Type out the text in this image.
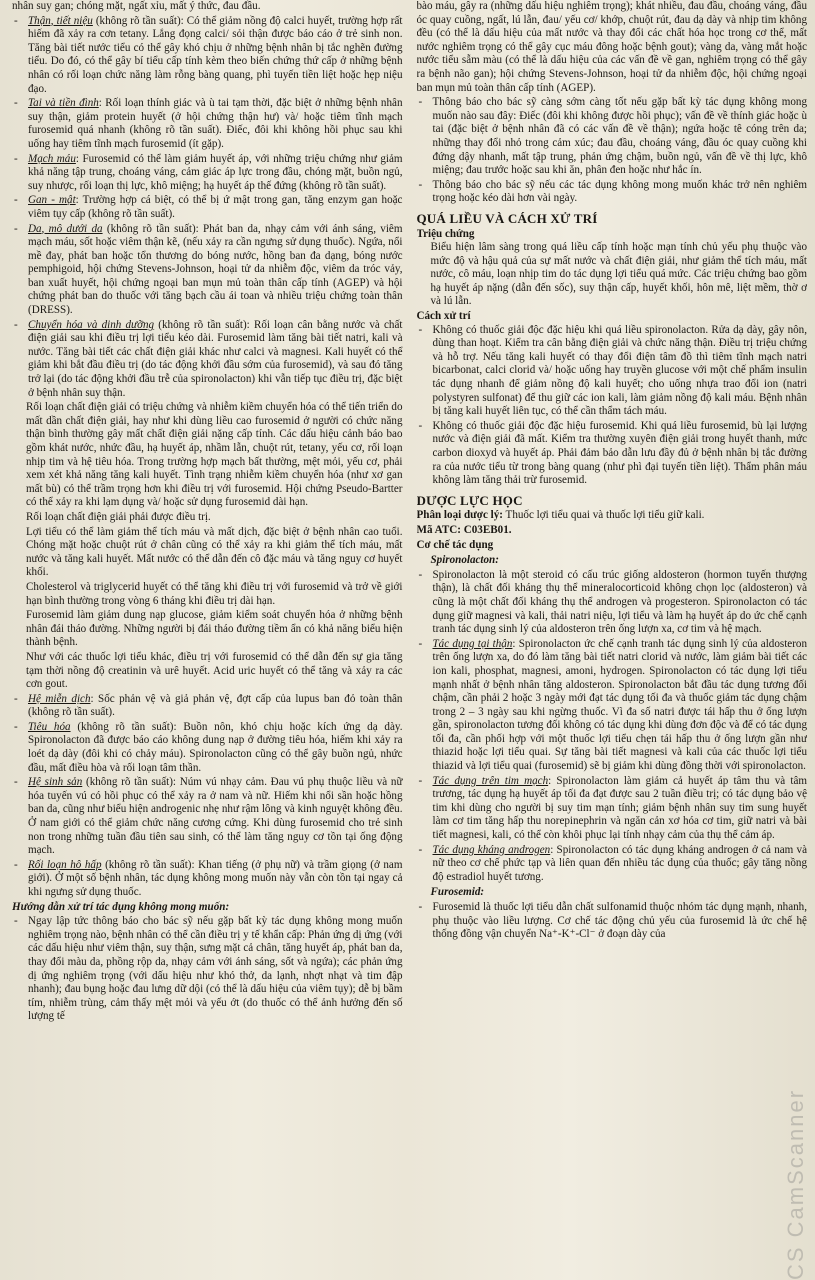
nhân suy gan; chóng mặt, ngất xỉu, mất ý thức, đau đầu.

- Thận, tiết niệu (không rõ tần suất): Có thể giảm nồng độ calci huyết, trường hợp rất hiếm đã xảy ra cơn tetany. Lắng đọng calci/ sỏi thận được báo cáo ở trẻ sinh non. Tăng bài tiết nước tiểu có thể gây khó chịu ở những bệnh nhân bị tắc nghẽn đường tiểu. Do đó, có thể gây bí tiểu cấp tính kèm theo biến chứng thứ cấp ở những bệnh nhân có rối loạn chức năng làm rỗng bàng quang, phì tuyến tiền liệt hoặc hẹp niệu đạo.
- Tai và tiền đình: Rối loạn thính giác và ù tai tạm thời, đặc biệt ở những bệnh nhân suy thận, giảm protein huyết (ở hội chứng thận hư) và/ hoặc tiêm tĩnh mạch furosemid quá nhanh (không rõ tần suất). Điếc, đôi khi không hồi phục sau khi uống hay tiêm tĩnh mạch furosemid (ít gặp).
- Mạch máu: Furosemid có thể làm giảm huyết áp, với những triệu chứng như giảm khả năng tập trung, choáng váng, cảm giác áp lực trong đầu, chóng mặt, buồn ngủ, suy nhược, rối loạn thị lực, khô miệng; hạ huyết áp thế đứng (không rõ tần suất).
- Gan - mật: Trường hợp cá biệt, có thể bị ứ mật trong gan, tăng enzym gan hoặc viêm tụy cấp (không rõ tần suất).
- Da, mô dưới da (không rõ tần suất): Phát ban da, nhạy cảm với ánh sáng, viêm mạch máu, sốt hoặc viêm thận kẽ, (nếu xảy ra cần ngưng sử dụng thuốc). Ngứa, nổi mề đay, phát ban hoặc tổn thương do bóng nước, hồng ban đa dạng, bóng nước pemphigoid, hội chứng Stevens-Johnson, hoại tử da nhiễm độc, viêm da tróc vảy, ban xuất huyết, hội chứng ngoại ban mụn mủ toàn thân cấp tính (AGEP) và hội chứng phát ban do thuốc với tăng bạch cầu ái toan và nhiều triệu chứng toàn thân (DRESS).
- Chuyển hóa và dinh dưỡng (không rõ tần suất): Rối loạn cân bằng nước và chất điện giải sau khi điều trị lợi tiểu kéo dài. Furosemid làm tăng bài tiết natri, kali và nước. Tăng bài tiết các chất điện giải khác như calci và magnesi. Kali huyết có thể giảm khi bắt đầu điều trị (do tác động khởi đầu sớm của furosemid), và sau đó tăng trở lại (do tác động khởi đầu trễ của spironolacton) khi vẫn tiếp tục điều trị, đặc biệt ở bệnh nhân suy thận.

Rối loạn chất điện giải có triệu chứng và nhiễm kiềm chuyển hóa có thể tiến triển do mất dần chất điện giải, hay như khi dùng liều cao furosemid ở người có chức năng thận bình thường gây mất chất điện giải nặng cấp tính. Các dấu hiệu cảnh báo bao gồm khát nước, nhức đầu, hạ huyết áp, nhầm lẫn, chuột rút, tetany, yếu cơ, rối loạn nhịp tim và hệ tiêu hóa. Trong trường hợp mạch bất thường, mệt mỏi, yếu cơ, phải xem xét khả năng tăng kali huyết. Tình trạng nhiễm kiềm chuyển hóa (như xơ gan mất bù) có thể trầm trọng hơn khi điều trị với furosemid. Hội chứng Pseudo-Bartter có thể xảy ra khi lạm dụng và/ hoặc sử dụng furosemid dài hạn.

Rối loạn chất điện giải phải được điều trị.

Lợi tiểu có thể làm giảm thể tích máu và mất dịch, đặc biệt ở bệnh nhân cao tuổi. Chóng mặt hoặc chuột rút ở chân cũng có thể xảy ra khi giảm thể tích máu, mất nước và tăng kali huyết. Mất nước có thể dẫn đến cô đặc máu và tăng nguy cơ huyết khối.

Cholesterol và triglycerid huyết có thể tăng khi điều trị với furosemid và trở về giới hạn bình thường trong vòng 6 tháng khi điều trị dài hạn.

Furosemid làm giảm dung nạp glucose, giảm kiểm soát chuyển hóa ở những bệnh nhân đái tháo đường. Những người bị đái tháo đường tiềm ẩn có khả năng biểu hiện thành bệnh.

Như với các thuốc lợi tiểu khác, điều trị với furosemid có thể dẫn đến sự gia tăng tạm thời nồng độ creatinin và urê huyết. Acid uric huyết có thể tăng và xảy ra các cơn gout.

- Hệ miễn dịch: Sốc phản vệ và giả phản vệ, đợt cấp của lupus ban đỏ toàn thân (không rõ tần suất).
- Tiêu hóa (không rõ tần suất): Buồn nôn, khó chịu hoặc kích ứng dạ dày. Spironolacton đã được báo cáo không dung nạp ở đường tiêu hóa, hiếm khi xảy ra loét dạ dày (đôi khi có chảy máu). Spironolacton cũng có thể gây buồn ngủ, nhức đầu, mất điều hòa và rối loạn tâm thần.
- Hệ sinh sản (không rõ tần suất): Núm vú nhạy cảm. Đau vú phụ thuộc liều và nữ hóa tuyến vú có hồi phục có thể xảy ra ở nam và nữ. Hiếm khi nổi sần hoặc hồng ban da, cũng như biểu hiện androgenic nhẹ như rậm lông và kinh nguyệt không đều. Ở nam giới có thể giảm chức năng cương cứng. Khi dùng furosemid cho trẻ sinh non trong những tuần đầu tiên sau sinh, có thể làm tăng nguy cơ tồn tại ống động mạch.
- Rối loạn hô hấp (không rõ tần suất): Khan tiếng (ở phụ nữ) và trầm giọng (ở nam giới). Ở một số bệnh nhân, tác dụng không mong muốn này vẫn còn tồn tại ngay cả khi ngưng sử dụng thuốc.

Hướng dẫn xử trí tác dụng không mong muốn:

- Ngay lập tức thông báo cho bác sỹ nếu gặp bất kỳ tác dụng không mong muốn nghiêm trọng nào, bệnh nhân có thể cần điều trị y tế khẩn cấp: Phản ứng dị ứng (với các dấu hiệu như viêm thận, suy thận, sưng mặt cả chân, tăng huyết áp, phát ban da, thay đổi màu da, phồng rộp da, nhạy cảm với ánh sáng, sốt và ngứa); các phản ứng dị ứng nghiêm trọng (với dấu hiệu như khó thở, da lạnh, nhợt nhạt và tim đập nhanh); đau bụng hoặc đau lưng dữ dội (có thể là dấu hiệu của viêm tụy); dễ bị bầm tím, nhiễm trùng, cảm thấy mệt mỏi và yếu ớt (do thuốc có thể ảnh hưởng đến số lượng tế

bào máu, gây ra (những dấu hiệu nghiêm trọng); khát nhiều, đau đầu, choáng váng, đầu óc quay cuồng, ngất, lú lẫn, đau/ yếu cơ/ khớp, chuột rút, đau dạ dày và nhịp tim không đều (có thể là dấu hiệu của mất nước và thay đổi các chất hóa học trong cơ thể, mất nước nghiêm trọng có thể gây cục máu đông hoặc bệnh gout); vàng da, vàng mắt hoặc nước tiểu sẫm màu (có thể là dấu hiệu của các vấn đề về gan, nghiêm trọng có thể gây ra bệnh não gan); hội chứng Stevens-Johnson, hoại tử da nhiễm độc, hội chứng ngoại ban mụn mủ toàn thân cấp tính (AGEP).

- Thông báo cho bác sỹ càng sớm càng tốt nếu gặp bất kỳ tác dụng không mong muốn nào sau đây: Điếc (đôi khi không được hồi phục); vấn đề về thính giác hoặc ù tai (đặc biệt ở bệnh nhân đã có các vấn đề về thận); ngứa hoặc tê cóng trên da; những thay đổi nhỏ trong cảm xúc; đau đầu, choáng váng, đầu óc quay cuồng khi đứng dậy nhanh, mất tập trung, phản ứng chậm, buồn ngủ, vấn đề về thị lực, khô miệng; đau trước hoặc sau khi ăn, phân đen hoặc như hắc ín.
- Thông báo cho bác sỹ nếu các tác dụng không mong muốn khác trở nên nghiêm trọng hoặc kéo dài hơn vài ngày.
QUÁ LIỀU VÀ CÁCH XỬ TRÍ
Triệu chứng

Biểu hiện lâm sàng trong quá liều cấp tính hoặc mạn tính chủ yếu phụ thuộc vào mức độ và hậu quả của sự mất nước và chất điện giải, như giảm thể tích máu, mất nước, cô máu, loạn nhịp tim do tác dụng lợi tiểu quá mức. Các triệu chứng bao gồm hạ huyết áp nặng (dẫn đến sốc), suy thận cấp, huyết khối, hôn mê, liệt mềm, thờ ơ và lú lẫn.

Cách xử trí
- Không có thuốc giải độc đặc hiệu khi quá liều spironolacton. Rửa dạ dày, gây nôn, dùng than hoạt. Kiểm tra cân bằng điện giải và chức năng thận. Điều trị triệu chứng và hỗ trợ. Nếu tăng kali huyết có thay đổi điện tâm đồ thì tiêm tĩnh mạch natri bicarbonat, calci clorid và/ hoặc uống hay truyền glucose với một chế phẩm insulin tác dụng nhanh để giảm nồng độ kali huyết; cho uống nhựa trao đổi ion (natri polystyren sulfonat) để thu giữ các ion kali, làm giảm nồng độ kali máu. Bệnh nhân bị tăng kali huyết liên tục, có thể cần thẩm tách máu.
- Không có thuốc giải độc đặc hiệu furosemid. Khi quá liều furosemid, bù lại lượng nước và điện giải đã mất. Kiểm tra thường xuyên điện giải trong huyết thanh, mức carbon dioxyd và huyết áp. Phải đảm bảo dẫn lưu đầy đủ ở bệnh nhân bị tắc đường ra của nước tiểu từ trong bàng quang (như phì đại tuyến tiền liệt). Thẩm phân máu không làm tăng thải trừ furosemid.
DƯỢC LỰC HỌC

Phân loại dược lý: Thuốc lợi tiểu quai và thuốc lợi tiểu giữ kali.

Mã ATC: C03EB01.

Cơ chế tác dụng
Spironolacton:
- Spironolacton là một steroid có cấu trúc giống aldosteron (hormon tuyến thượng thận), là chất đối kháng thụ thể mineralocorticoid không chọn lọc (aldosteron) và cũng là một chất đối kháng thụ thể androgen và progesteron. Spironolacton có tác dụng giữ magnesi và kali, thải natri niệu, lợi tiểu và làm hạ huyết áp do ức chế cạnh tranh tác dụng sinh lý của aldosteron trên ống lượn xa, cơ tim và hệ mạch.
- Tác dụng tại thận: Spironolacton ức chế cạnh tranh tác dụng sinh lý của aldosteron trên ống lượn xa, do đó làm tăng bài tiết natri clorid và nước, làm giảm bài tiết các ion kali, phosphat, magnesi, amoni, hydrogen. Spironolacton có tác dụng lợi tiểu mạnh nhất ở bệnh nhân tăng aldosteron. Spironolacton bắt đầu tác dụng tương đối chậm, cần phải 2 hoặc 3 ngày mới đạt tác dụng tối đa và thuốc giảm tác dụng chậm trong 2 – 3 ngày sau khi ngừng thuốc. Vì đa số natri được tái hấp thu ở ống lượn gần, spironolacton tương đối không có tác dụng khi dùng đơn độc và để có tác dụng tối đa, cần phối hợp với một thuốc lợi tiểu chẹn tái hấp thu ở ống lượn gần như thiazid hoặc lợi tiểu quai. Sự tăng bài tiết magnesi và kali của các thuốc lợi tiểu thiazid và lợi tiểu quai (furosemid) sẽ bị giảm khi dùng đồng thời với spironolacton.
- Tác dụng trên tim mạch: Spironolacton làm giảm cả huyết áp tâm thu và tâm trương, tác dụng hạ huyết áp tối đa đạt được sau 2 tuần điều trị; có tác dụng bảo vệ tim khi dùng cho người bị suy tim mạn tính; giảm bệnh nhân suy tim sung huyết làm cơ tim tăng hấp thu norepinephrin và ngăn cản xơ hóa cơ tim, giữ natri và bài tiết magnesi, kali, có thể còn khôi phục lại tính nhạy cảm của thụ thể cảm áp.
- Tác dụng kháng androgen: Spironolacton có tác dụng kháng androgen ở cả nam và nữ theo cơ chế phức tạp và liên quan đến nhiều tác dụng của thuốc; gây tăng nồng độ estradiol huyết tương.
Furosemid:
- Furosemid là thuốc lợi tiểu dẫn chất sulfonamid thuộc nhóm tác dụng mạnh, nhanh, phụ thuộc vào liều lượng. Cơ chế tác động chủ yếu của furosemid là ức chế hệ thống đồng vận chuyển Na⁺-K⁺-Cl⁻ ở đoạn dày của
CS CamScanner
